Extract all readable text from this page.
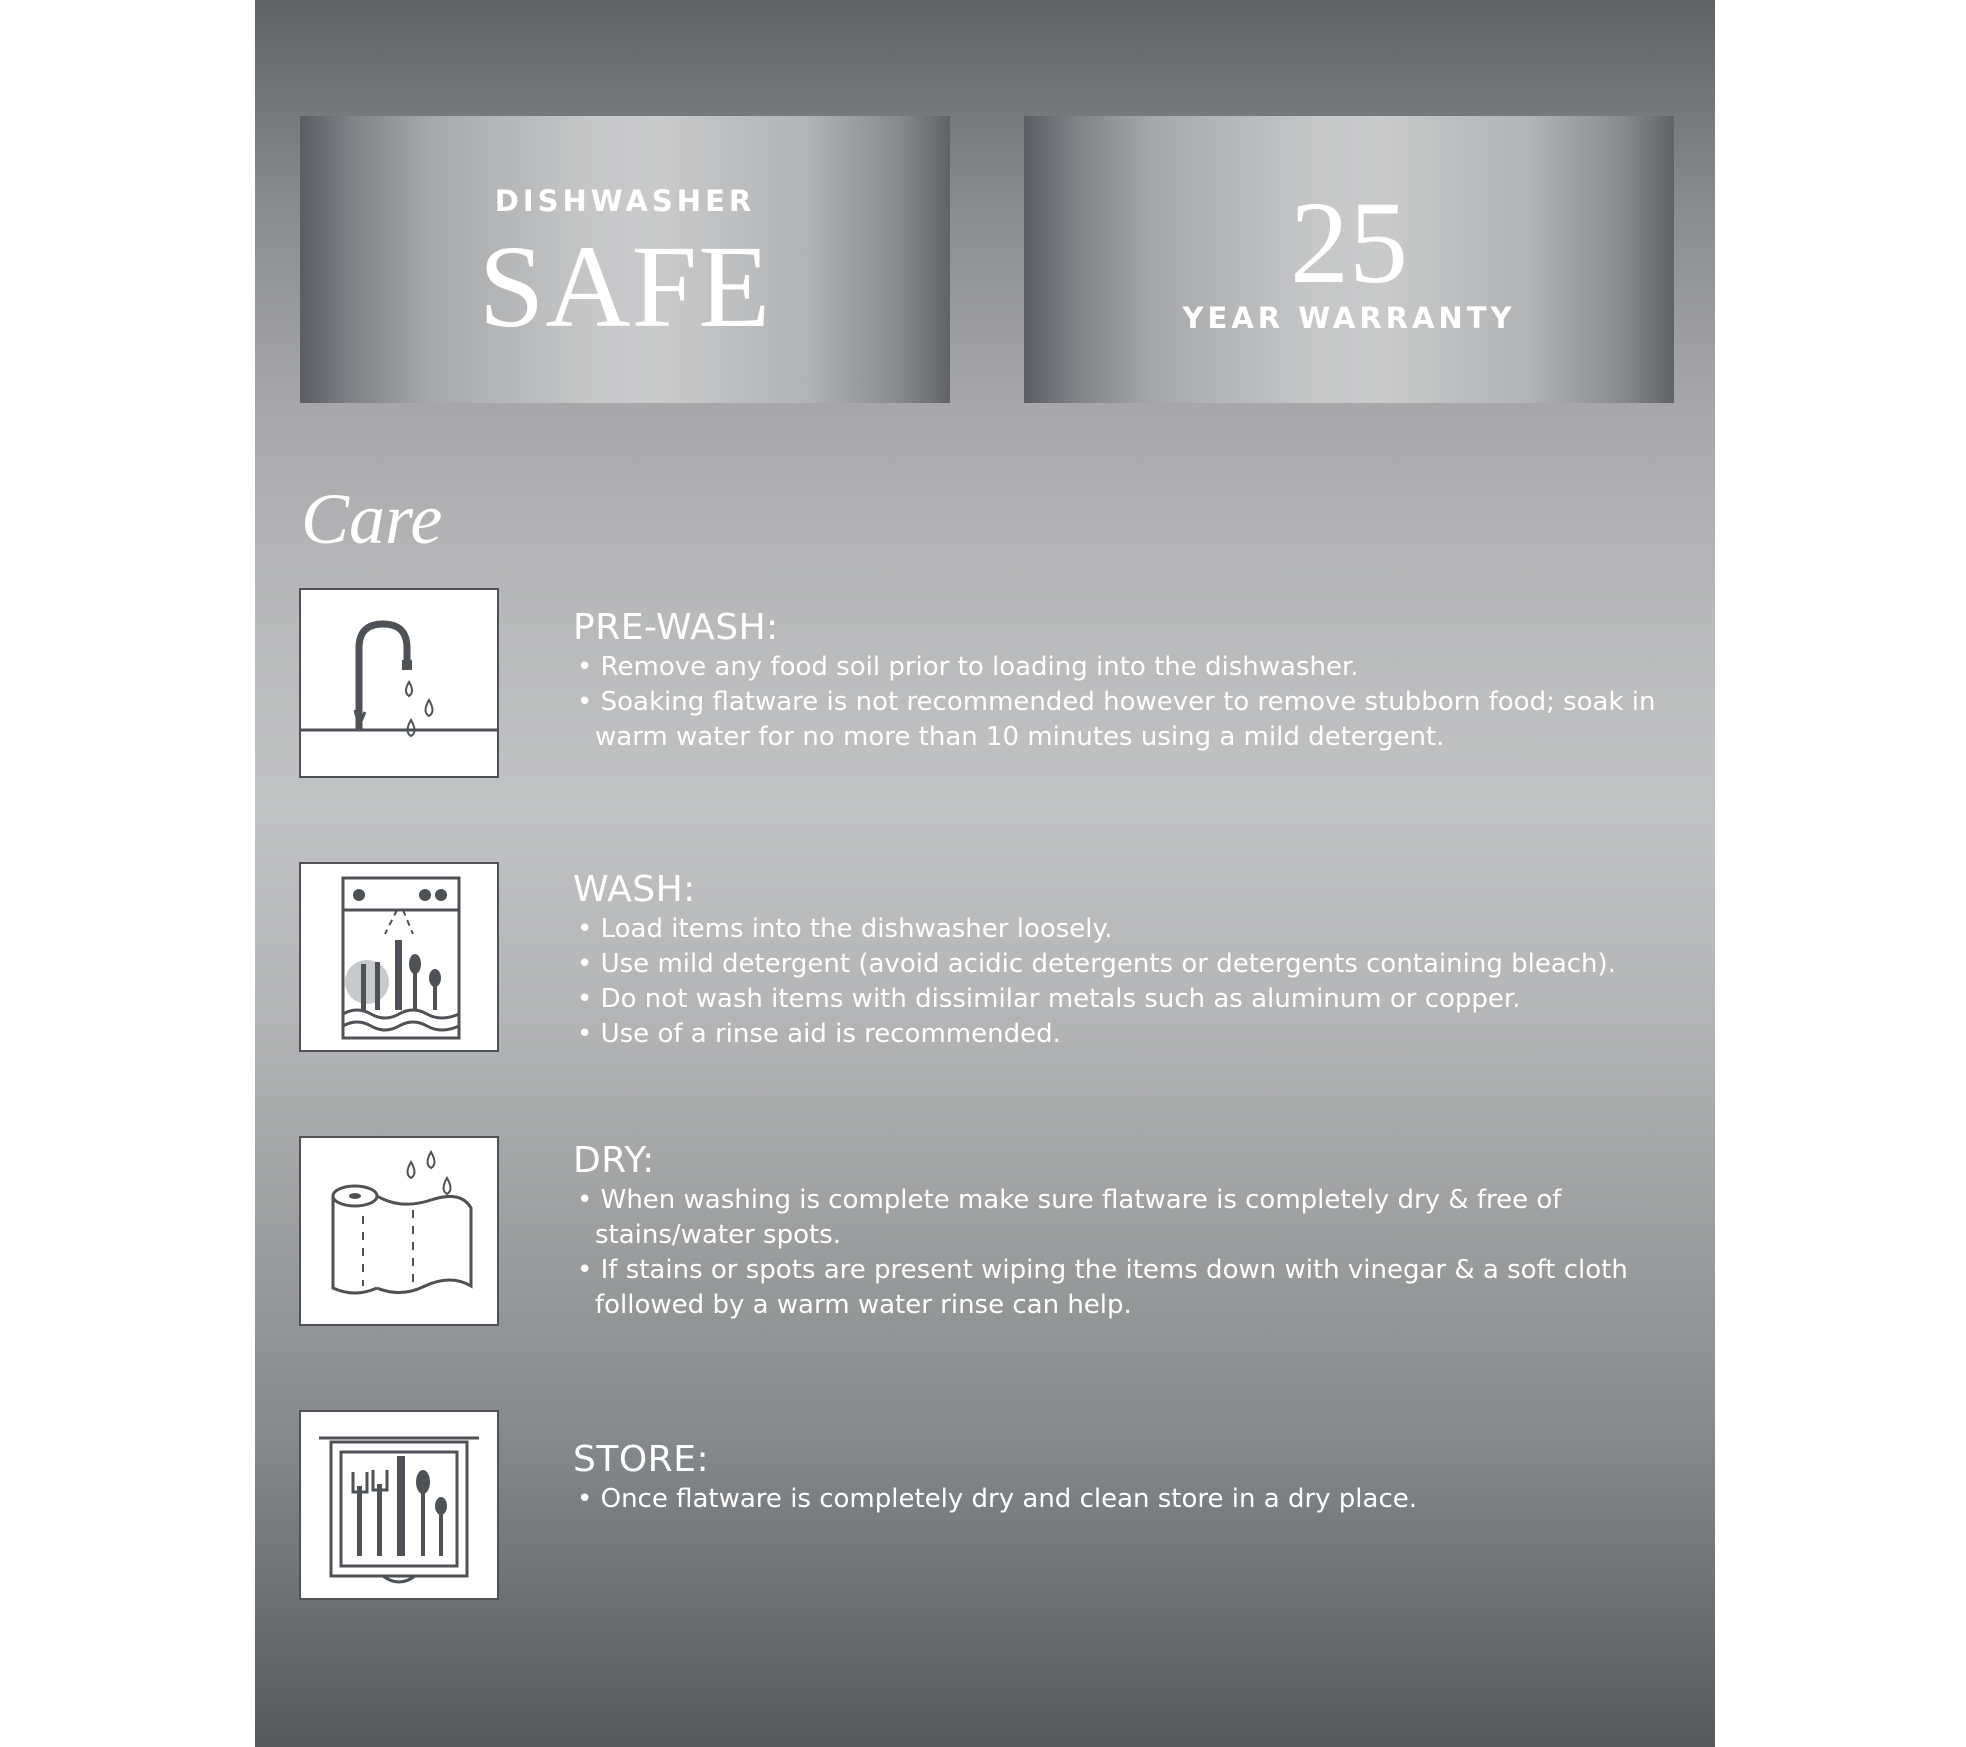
DISHWASHER
SAFE	25
YEAR WARRANTY
Care
PRE-WASH:
• Remove any food soil prior to loading into the dishwasher.
• Soaking flatware is not recommended however to remove stubborn food; soak in warm water for no more than 10 minutes using a mild detergent.
WASH:
• Load items into the dishwasher loosely.
• Use mild detergent (avoid acidic detergents or detergents containing bleach).
• Do not wash items with dissimilar metals such as aluminum or copper.
• Use of a rinse aid is recommended.
DRY:
• When washing is complete make sure flatware is completely dry & free of stains/water spots.
• If stains or spots are present wiping the items down with vinegar & a soft cloth followed by a warm water rinse can help.
STORE:
• Once flatware is completely dry and clean store in a dry place.
